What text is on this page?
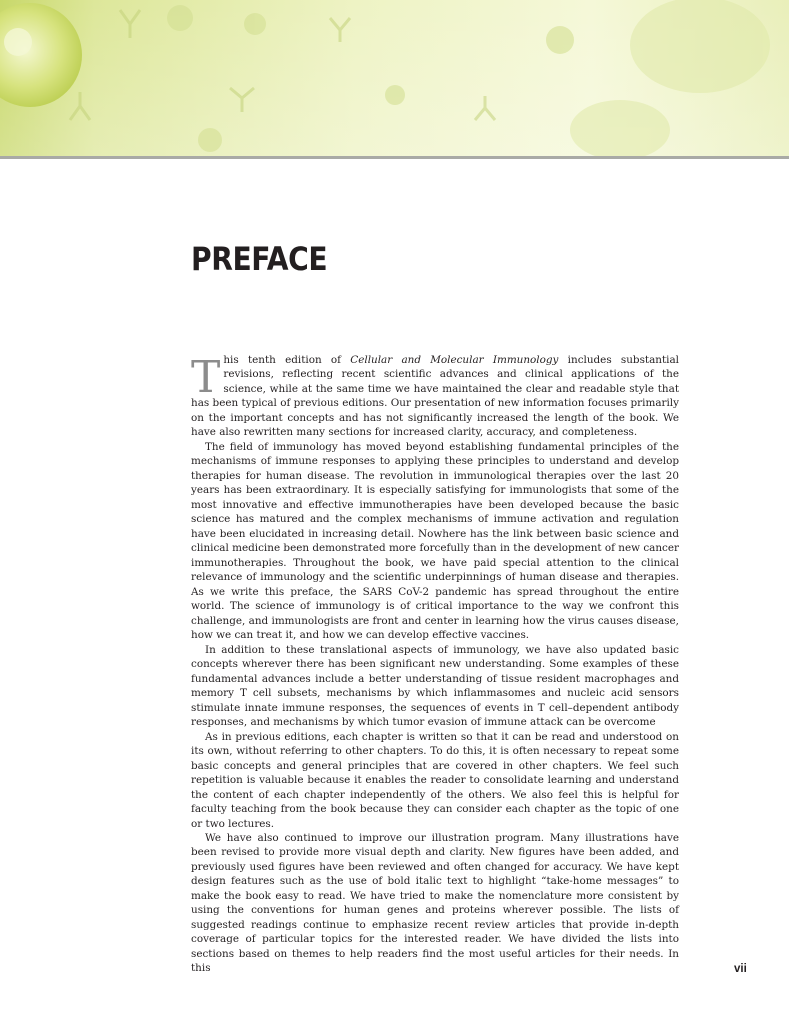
PREFACE

This tenth edition of Cellular and Molecular Immunology includes substantial revisions, reflecting recent scientific advances and clinical applications of the science, while at the same time we have maintained the clear and readable style that has been typical of previous editions. Our presentation of new information focuses primarily on the important concepts and has not significantly increased the length of the book. We have also rewritten many sections for increased clarity, accuracy, and completeness.

The field of immunology has moved beyond establishing fundamental principles of the mechanisms of immune responses to applying these principles to understand and develop therapies for human disease. The revolution in immunological therapies over the last 20 years has been extraordinary. It is especially satisfying for immunologists that some of the most innovative and effective immunotherapies have been developed because the basic science has matured and the complex mechanisms of immune activation and regulation have been elucidated in increasing detail. Nowhere has the link between basic science and clinical medicine been demonstrated more forcefully than in the development of new cancer immunotherapies. Throughout the book, we have paid special attention to the clinical relevance of immunology and the scientific underpinnings of human disease and therapies. As we write this preface, the SARS CoV-2 pandemic has spread throughout the entire world. The science of immunology is of critical importance to the way we confront this challenge, and immunologists are front and center in learning how the virus causes disease, how we can treat it, and how we can develop effective vaccines.

In addition to these translational aspects of immunology, we have also updated basic concepts wherever there has been significant new understanding. Some examples of these fundamental advances include a better understanding of tissue resident macrophages and memory T cell subsets, mechanisms by which inflammasomes and nucleic acid sensors stimulate innate immune responses, the sequences of events in T cell–dependent antibody responses, and mechanisms by which tumor evasion of immune attack can be overcome

As in previous editions, each chapter is written so that it can be read and understood on its own, without referring to other chapters. To do this, it is often necessary to repeat some basic concepts and general principles that are covered in other chapters. We feel such repetition is valuable because it enables the reader to consolidate learning and understand the content of each chapter independently of the others. We also feel this is helpful for faculty teaching from the book because they can consider each chapter as the topic of one or two lectures.

We have also continued to improve our illustration program. Many illustrations have been revised to provide more visual depth and clarity. New figures have been added, and previously used figures have been reviewed and often changed for accuracy. We have kept design features such as the use of bold italic text to highlight “take-home messages” to make the book easy to read. We have tried to make the nomenclature more consistent by using the conventions for human genes and proteins wherever possible. The lists of suggested readings continue to emphasize recent review articles that provide in-depth coverage of particular topics for the interested reader. We have divided the lists into sections based on themes to help readers find the most useful articles for their needs. In this	vii
